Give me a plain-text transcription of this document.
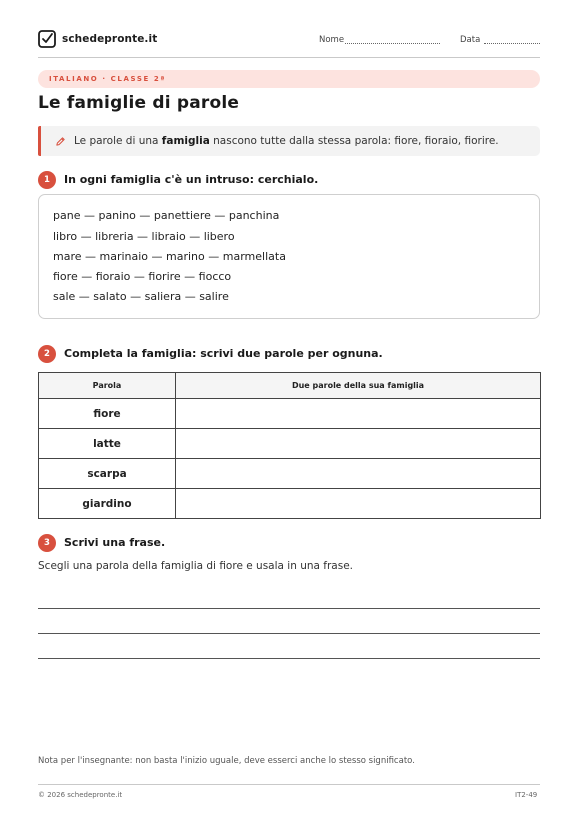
schedepronte.it	Nome	Data
ITALIANO · CLASSE 2ª
Le famiglie di parole
Le parole di una famiglia nascono tutte dalla stessa parola: fiore, fioraio, fiorire.
1	In ogni famiglia c'è un intruso: cerchialo.
pane — panino — panettiere — panchina
libro — libreria — libraio — libero
mare — marinaio — marino — marmellata
fiore — fioraio — fiorire — fiocco
sale — salato — saliera — salire
2	Completa la famiglia: scrivi due parole per ognuna.
Parola	Due parole della sua famiglia
fiore	
latte	
scarpa	
giardino	
3	Scrivi una frase.
Scegli una parola della famiglia di fiore e usala in una frase.
Nota per l'insegnante: non basta l'inizio uguale, deve esserci anche lo stesso significato.
© 2026 schedepronte.it	IT2-49
